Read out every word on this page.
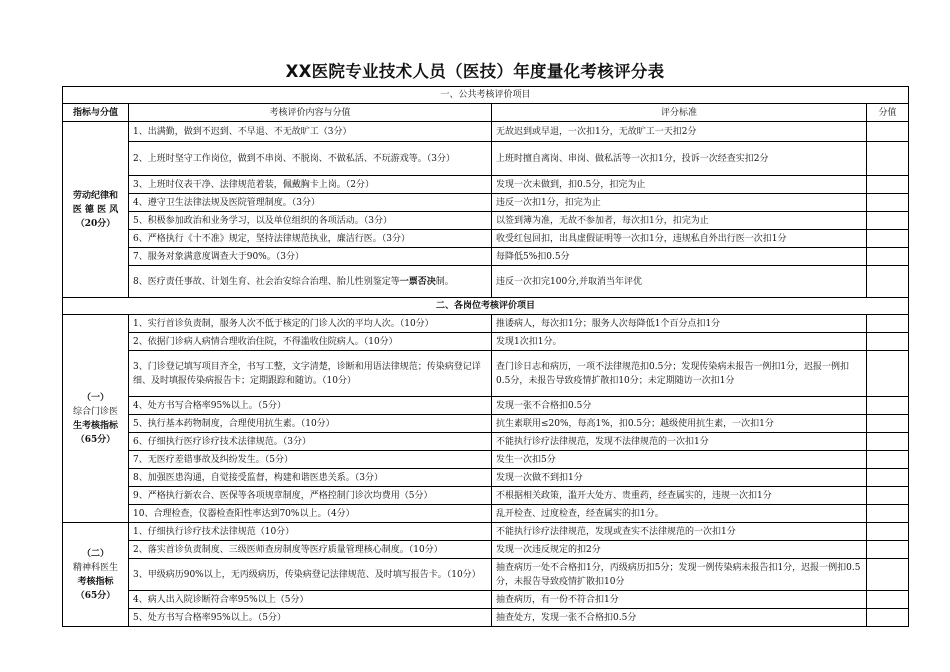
XX医院专业技术人员（医技）年度量化考核评分表
一、公共考核评价项目			
指标与分值	考核评价内容与分值	评分标准	分值

劳动纪律和
医 德 医 风
（20分）	1、出满勤，做到不迟到、不早退、不无故旷工（3分）	无故迟到或早退，一次扣1分，无故旷工一天扣2分	
	2、上班时坚守工作岗位，做到不串岗、不脱岗、不做私活、不玩游戏等。（3分）	上班时擅自离岗、串岗、做私活等一次扣1分，投诉一次经查实扣2分	
	3、上班时仪表干净、法律规范着装，佩戴胸卡上岗。（2分）	发现一次未做到，扣0.5分，扣完为止	
	4、遵守卫生法律法规及医院管理制度。（3分）	违反一次扣1分，扣完为止	
	5、积极参加政治和业务学习，以及单位组织的各项活动。（3分）	以签到簿为准，无故不参加者，每次扣1分，扣完为止	
	6、严格执行《十不准》规定，坚持法律规范执业，廉洁行医。（3分）	收受红包回扣，出具虚假证明等一次扣1分，违规私自外出行医一次扣1分	
	7、服务对象满意度调查大于90%。（3分）	每降低5%扣0.5分	
	8、医疗责任事故、计划生育、社会治安综合治理、胎儿性别鉴定等一票否决制。	违反一次扣完100分,并取消当年评优	
二、各岗位考核评价项目			

（一）
综合门诊医
生考核指标
（65分）	1、实行首诊负责制，服务人次不低于核定的门诊人次的平均人次。（10分）	推诿病人，每次扣1分；服务人次每降低1个百分点扣1分	
	2、依据门诊病人病情合理收治住院，不得滥收住院病人。（10分）	发现1次扣1分。	
	3、门诊登记填写项目齐全，书写工整，文字清楚，诊断和用语法律规范；传染病登记详细、及时填报传染病报告卡；定期跟踪和随访。（10分）	查门诊日志和病历，一项不法律规范扣0.5分；发现传染病未报告一例扣1分，迟报一例扣0.5分，未报告导致疫情扩散扣10分；未定期随访一次扣1分	
	4、处方书写合格率95%以上。（5分）	发现一张不合格扣0.5分	
	5、执行基本药物制度，合理使用抗生素。（10分）	抗生素联用≤20%，每高1%，扣0.5分；越级使用抗生素，一次扣1分	
	6、仔细执行医疗诊疗技术法律规范。（3分）	不能执行诊疗法律规范，发现不法律规范的一次扣1分	
	7、无医疗差错事故及纠纷发生。（5分）	发生一次扣5分	
	8、加强医患沟通，自觉接受监督，构建和谐医患关系。（3分）	发现一次做不到扣1分	
	9、严格执行新农合、医保等各项规章制度，严格控制门诊次均费用（5分）	不根据相关政策，滥开大处方、贵重药，经查属实的，违规一次扣1分	
	10、合理检查，仪器检查阳性率达到70%以上。（4分）	乱开检查、过度检查，经查属实的扣1分。	

（二）
精神科医生
考核指标
（65分）	1、仔细执行诊疗技术法律规范（10分）	不能执行诊疗法律规范，发现或查实不法律规范的一次扣1分	
	2、落实首诊负责制度、三级医师查房制度等医疗质量管理核心制度。（10分）	发现一次违反规定的扣2分	
	3、甲级病历90%以上，无丙级病历，传染病登记法律规范、及时填写报告卡。（10分）	抽查病历一处不合格扣1分，丙级病历扣5分；发现一例传染病未报告扣1分，迟报一例扣0.5分，未报告导致疫情扩散扣10分	
	4、病人出入院诊断符合率95%以上（5分）	抽查病历，有一份不符合扣1分	
	5、处方书写合格率95%以上。（5分）	抽查处方，发现一张不合格扣0.5分	
